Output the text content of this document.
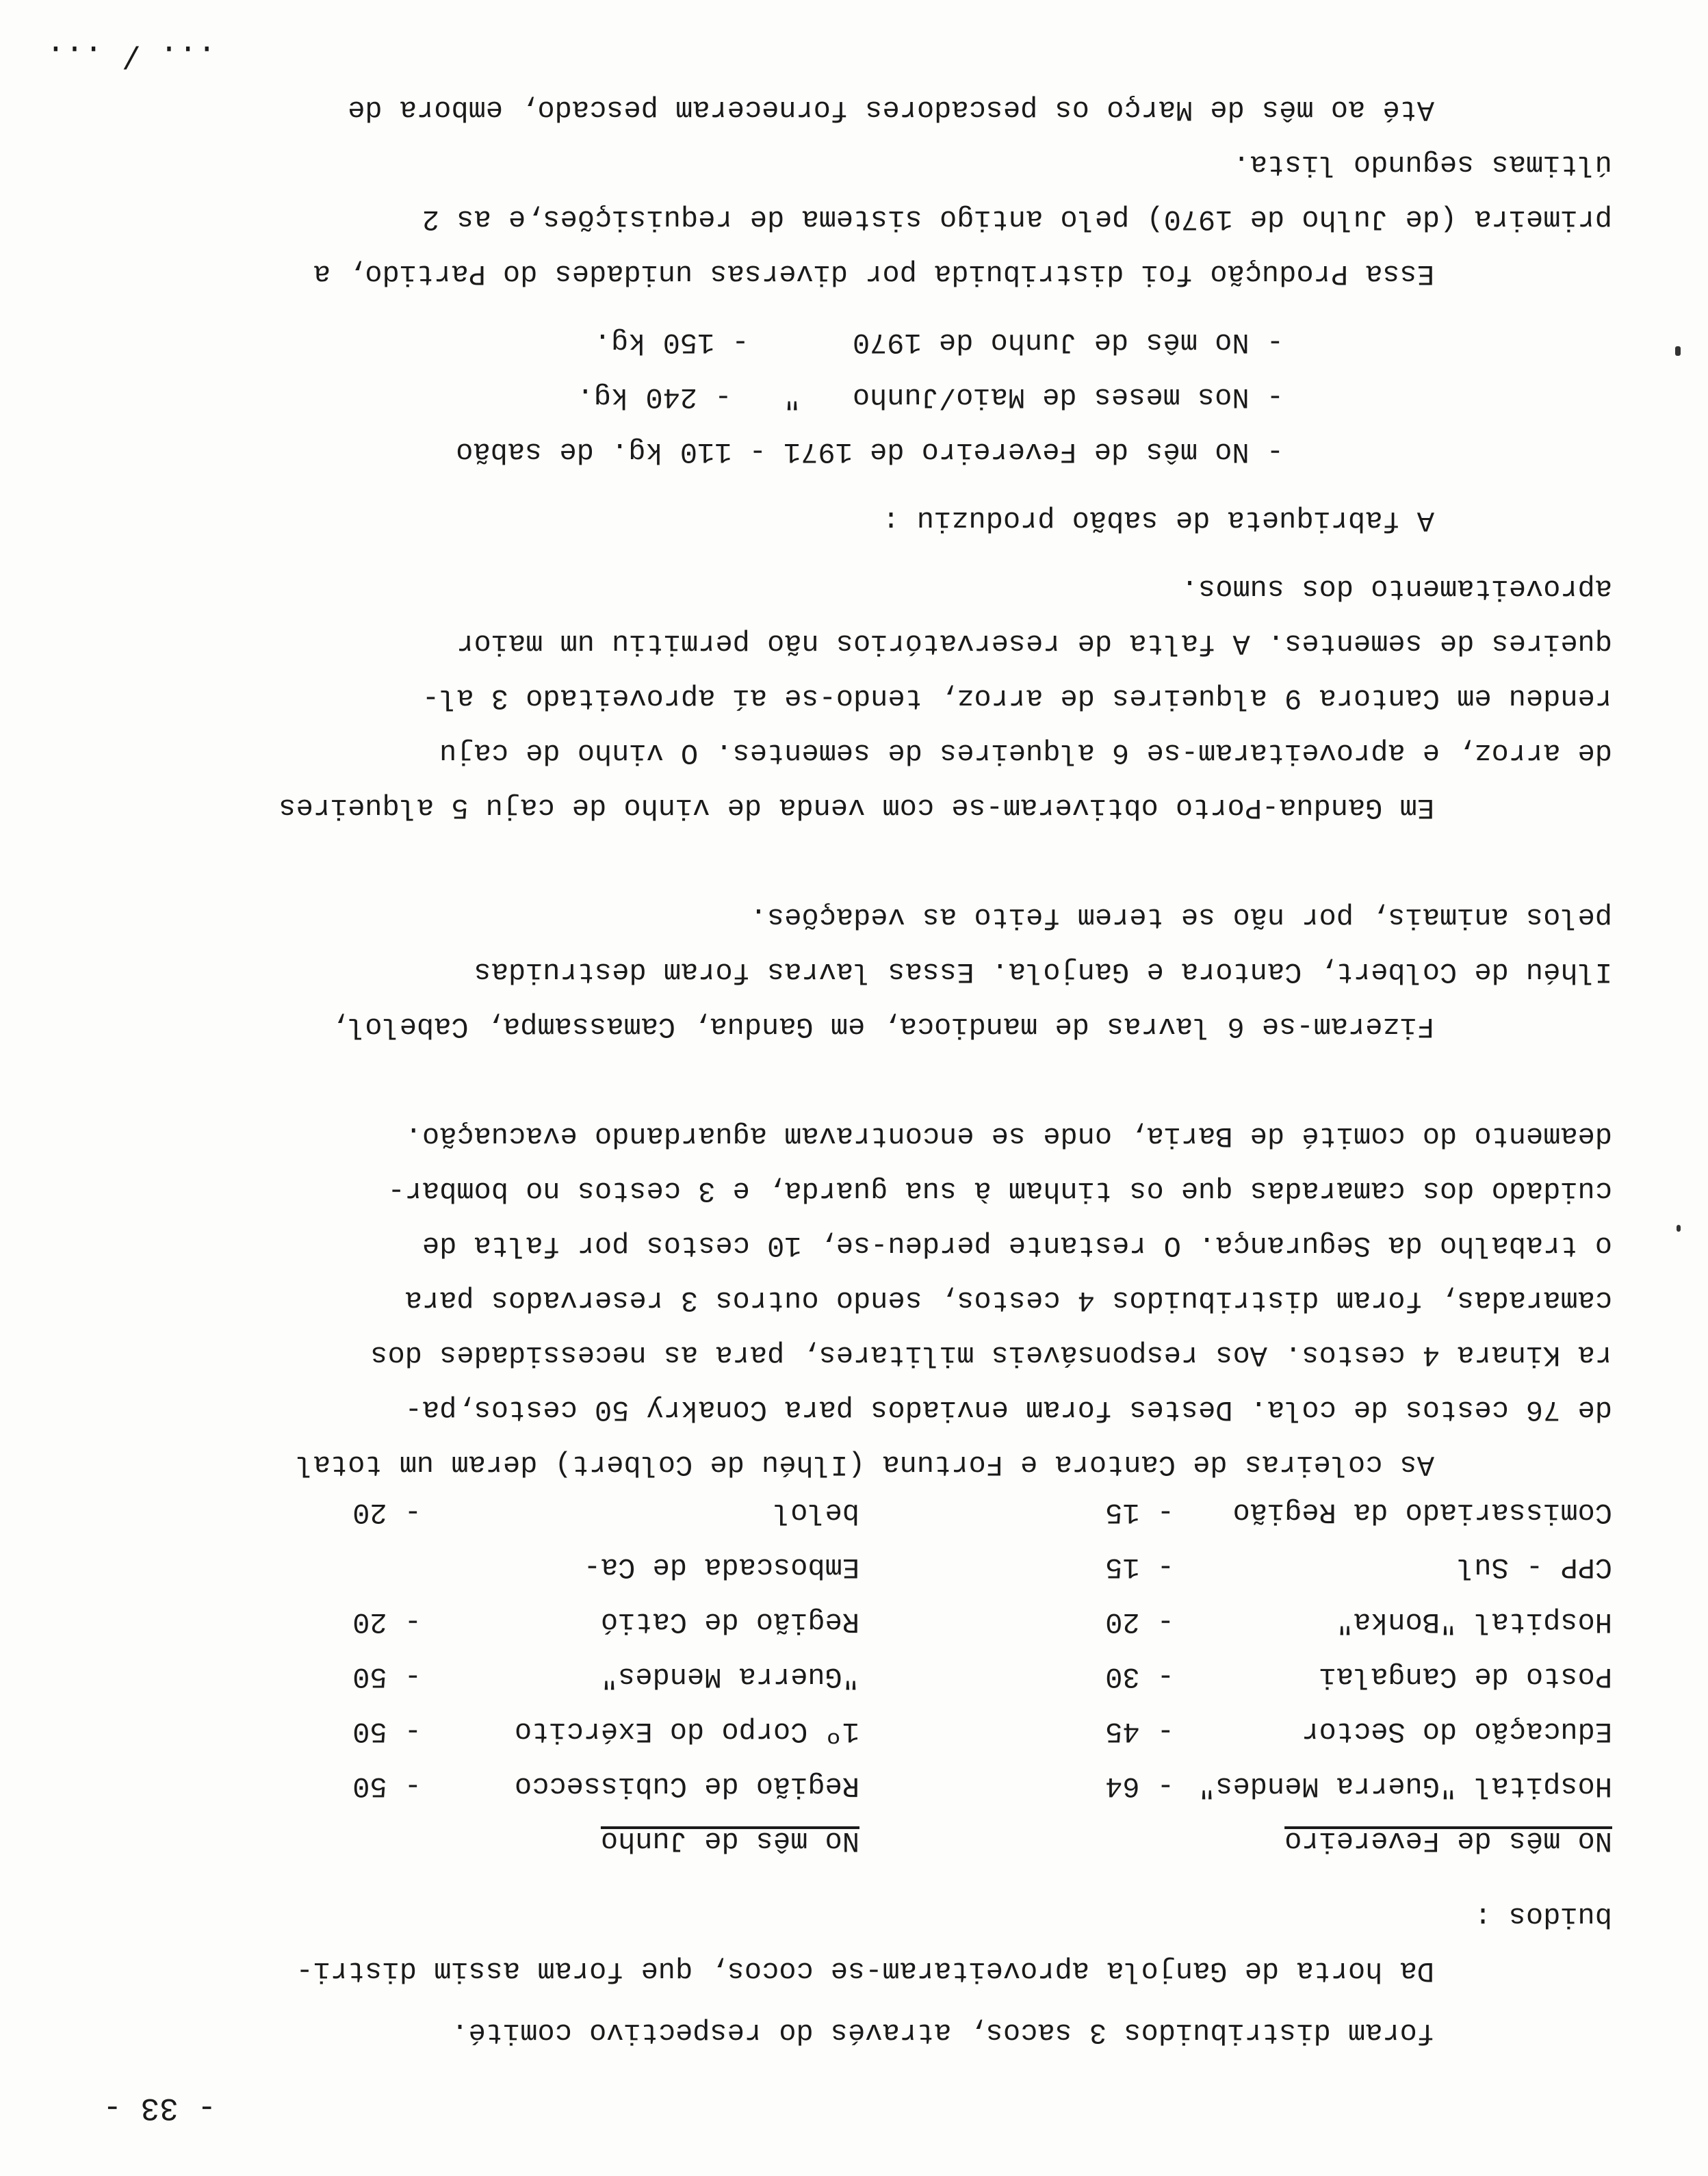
- 33 -
foram distribuidos 3 sacos, através do respectivo comité.
Da horta de Ganjola aproveitaram-se cocos, que foram assim distri-
buidos :
No mês de Fevereiro
No mês de Junho
Hospital "Guerra Mendes"
- 64
Região de Cubissecco
- 50
Educação do Sector
- 45
1º Corpo do Exército
- 50
Posto de Cangalai
- 30
"Guerra Mendes"
- 50
Hospital "Bonka"
- 20
Região de Catió
- 20
CPP - Sul
- 15
Emboscada de Ca-
Comissariado da Região
- 15
belol
- 20
As coleiras de Cantora e Fortuna (Ilhéu de Colbert) deram um total
de 76 cestos de cola. Destes foram enviados para Conakry 50 cestos,pa-
ra Kinara 4 cestos. Aos responsáveis militares, para as necessidades dos
camaradas, foram distribuidos 4 cestos, sendo outros 3 reservados para
o trabalho da Segurança. O restante perdeu-se, 10 cestos por falta de
cuidado dos camaradas que os tinham à sua guarda, e 3 cestos no bombar-
deamento do comité de Baria, onde se encontravam aguardando evacuação.
Fizeram-se 6 lavras de mandioca, em Gandua, Camassampa, Cabelol,
Ilhéu de Colbert, Cantora e Ganjola. Essas lavras foram destruidas
pelos animais, por não se terem feito as vedações.
Em Gandua-Porto obtiveram-se com venda de vinho de caju 5 alqueires
de arroz, e aproveitaram-se 6 alqueires de sementes. O vinho de caju
rendeu em Cantora 9 alqueires de arroz, tendo-se aí aproveitado 3 al-
queires de sementes. A falta de reservatórios não permitiu um maior
aproveitamento dos sumos.
A fabriqueta de sabão produziu :
- No mês de Fevereiro de 1971 - 110 kg. de sabão
- Nos meses de Maio/Junho   "   - 240 kg.
- No mês de Junho de 1970      - 150 kg.
Essa Produção foi distribuida por diversas unidades do Partido, a
primeira (de Julho de 1970) pelo antigo sistema de requisições,e as 2
últimas segundo lista.
Até ao mês de Março os pescadores forneceram pescado, embora de
... / ...
